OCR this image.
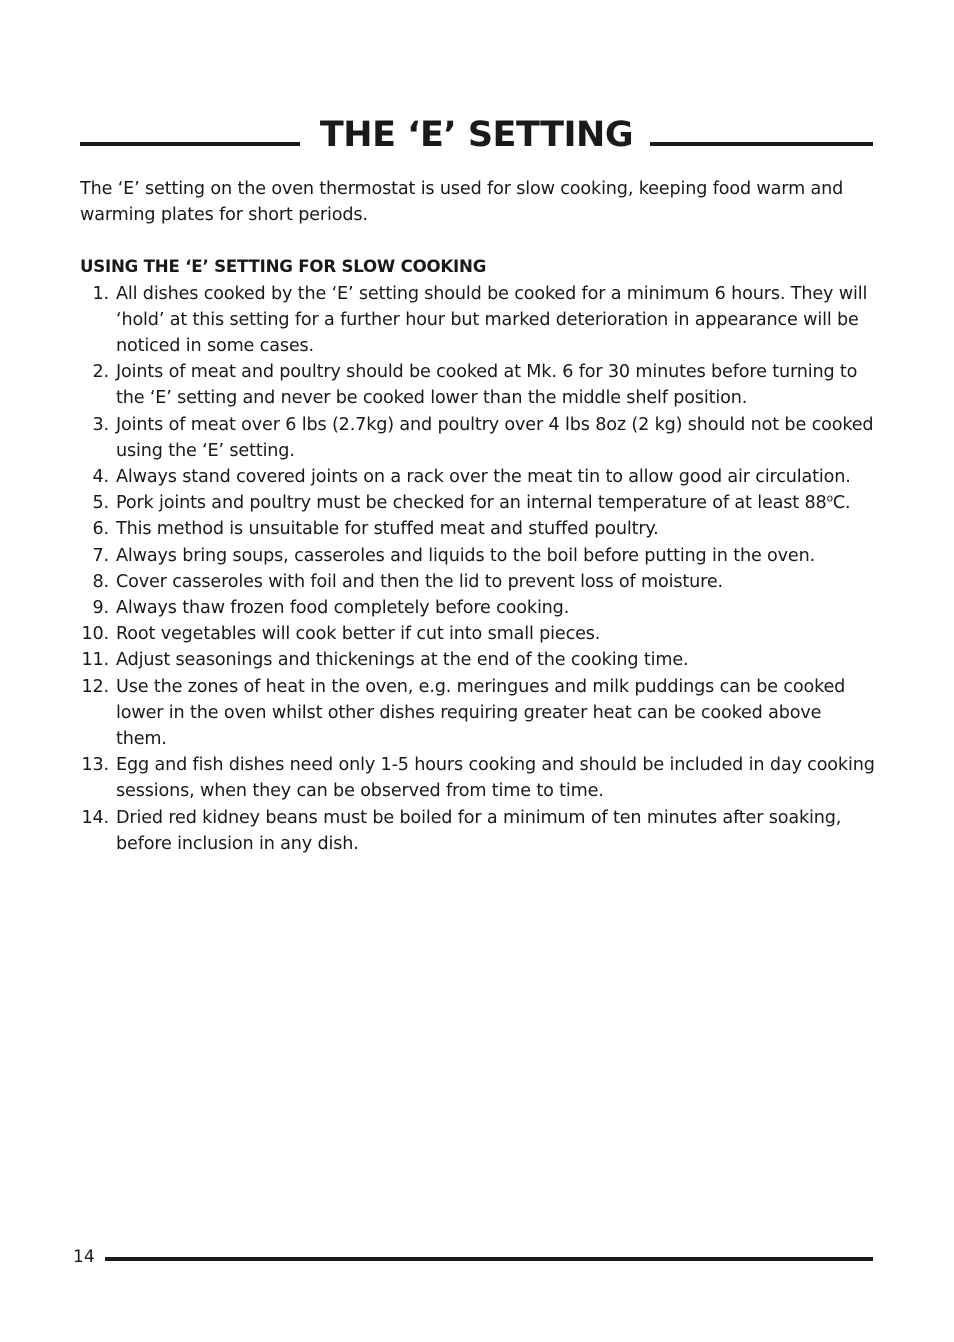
THE ‘E’ SETTING

The ‘E’ setting on the oven thermostat is used for slow cooking, keeping food warm and warming plates for short periods.

USING THE ‘E’ SETTING FOR SLOW COOKING
1. All dishes cooked by the ‘E’ setting should be cooked for a minimum 6 hours. They will ‘hold’ at this setting for a further hour but marked deterioration in appearance will be noticed in some cases.
2. Joints of meat and poultry should be cooked at Mk. 6 for 30 minutes before turning to the ‘E’ setting and never be cooked lower than the middle shelf position.
3. Joints of meat over 6 lbs (2.7kg) and poultry over 4 lbs 8oz (2 kg) should not be cooked using the ‘E’ setting.
4. Always stand covered joints on a rack over the meat tin to allow good air circulation.
5. Pork joints and poultry must be checked for an internal temperature of at least 88$^o$C.
6. This method is unsuitable for stuffed meat and stuffed poultry.
7. Always bring soups, casseroles and liquids to the boil before putting in the oven.
8. Cover casseroles with foil and then the lid to prevent loss of moisture.
9. Always thaw frozen food completely before cooking.
10. Root vegetables will cook better if cut into small pieces.
11. Adjust seasonings and thickenings at the end of the cooking time.
12. Use the zones of heat in the oven, e.g. meringues and milk puddings can be cooked lower in the oven whilst other dishes requiring greater heat can be cooked above them.
13. Egg and fish dishes need only 1-5 hours cooking and should be included in day cooking sessions, when they can be observed from time to time.
14. Dried red kidney beans must be boiled for a minimum of ten minutes after soaking, before inclusion in any dish.
14
